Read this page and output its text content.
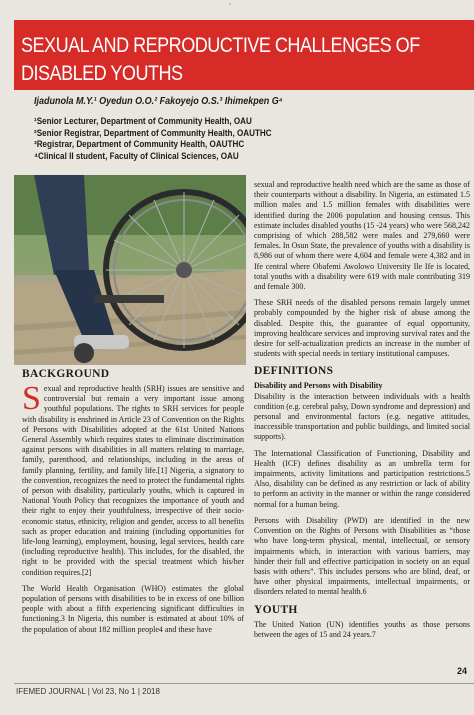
•
SEXUAL AND REPRODUCTIVE CHALLENGES OF
DISABLED YOUTHS
Ijadunola M.Y.¹ Oyedun O.O.² Fakoyejo O.S.³ Ihimekpen G⁴
¹Senior Lecturer, Department of Community Health, OAU
²Senior Registrar, Department of Community Health, OAUTHC
³Registrar, Department of Community Health, OAUTHC
⁴Clinical II student, Faculty of Clinical Sciences, OAU
BACKGROUND

Sexual and reproductive health (SRH) issues are sensitive and controversial but remain a very important issue among youthful populations. The rights to SRH services for people with disability is enshrined in Article 23 of Convention on the Rights of Persons with Disabilities adopted at the 61st United Nations General Assembly which requires states to eliminate discrimination against persons with disabilities in all matters relating to marriage, family, parenthood, and relationships, including in the areas of family planning, fertility, and family life.[1] Nigeria, a signatory to the convention, recognizes the need to protect the fundamental rights of person with disability, particularly youths, which is captured in National Youth Policy that recognizes the importance of youth and their right to enjoy their youthfulness, irrespective of their socio-economic status, ethnicity, religion and gender, access to all benefits such as proper education and training (including opportunities for life-long learning), employment, housing, legal services, health care (including reproductive health). This includes, for the disabled, the right to be provided with the special treatment which his/her condition requires.[2]

The World Health Organisation (WHO) estimates the global population of persons with disabilities to be in excess of one billion people with about a fifth experiencing significant difficulties in functioning.3 In Nigeria, this number is estimated at about 10% of the population of about 182 million people4 and these have

sexual and reproductive health need which are the same as those of their counterparts without a disability. In Nigeria, an estimated 1.5 million males and 1.5 million females with disabilities were identified during the 2006 population and housing census. This estimate includes disabled youths (15 -24 years) who were 568,242 comprising of which 288,582 were males and 279,660 were females. In Osun State, the prevalence of youths with a disability is 8,986 out of whom there were 4,604 and female were 4,382 and in Ife central where Obafemi Awolowo University Ile Ife is located, total youths with a disability were 619 with male contributing 319 and female 300.

These SRH needs of the disabled persons remain largely unmet probably compounded by the higher risk of abuse among the disabled. Despite this, the guarantee of equal opportunity, improving healthcare services and improving survival rates and the desire for self-actualization predicts an increase in the number of students with special needs in tertiary institutional campuses.

DEFINITIONS
Disability and Persons with Disability

Disability is the interaction between individuals with a health condition (e.g. cerebral palsy, Down syndrome and depression) and personal and environmental factors (e.g. negative attitudes, inaccessible transportation and public buildings, and limited social supports).

The International Classification of Functioning, Disability and Health (ICF) defines disability as an umbrella term for impairments, activity limitations and participation restrictions.5 Also, disability can be defined as any restriction or lack of ability to perform an activity in the manner or within the range considered normal for a human being.

Persons with Disability (PWD) are identified in the new Convention on the Rights of Persons with Disabilities as “those who have long-term physical, mental, intellectual, or sensory impairments which, in interaction with various barriers, may hinder their full and effective participation in society on an equal basis with others”. This includes persons who are blind, deaf, or have other physical impairments, intellectual impairments, or disorders related to mental health.6

YOUTH

The United Nation (UN) identifies youths as those persons between the ages of 15 and 24 years.7

24
IFEMED JOURNAL | Vol 23, No 1 | 2018
